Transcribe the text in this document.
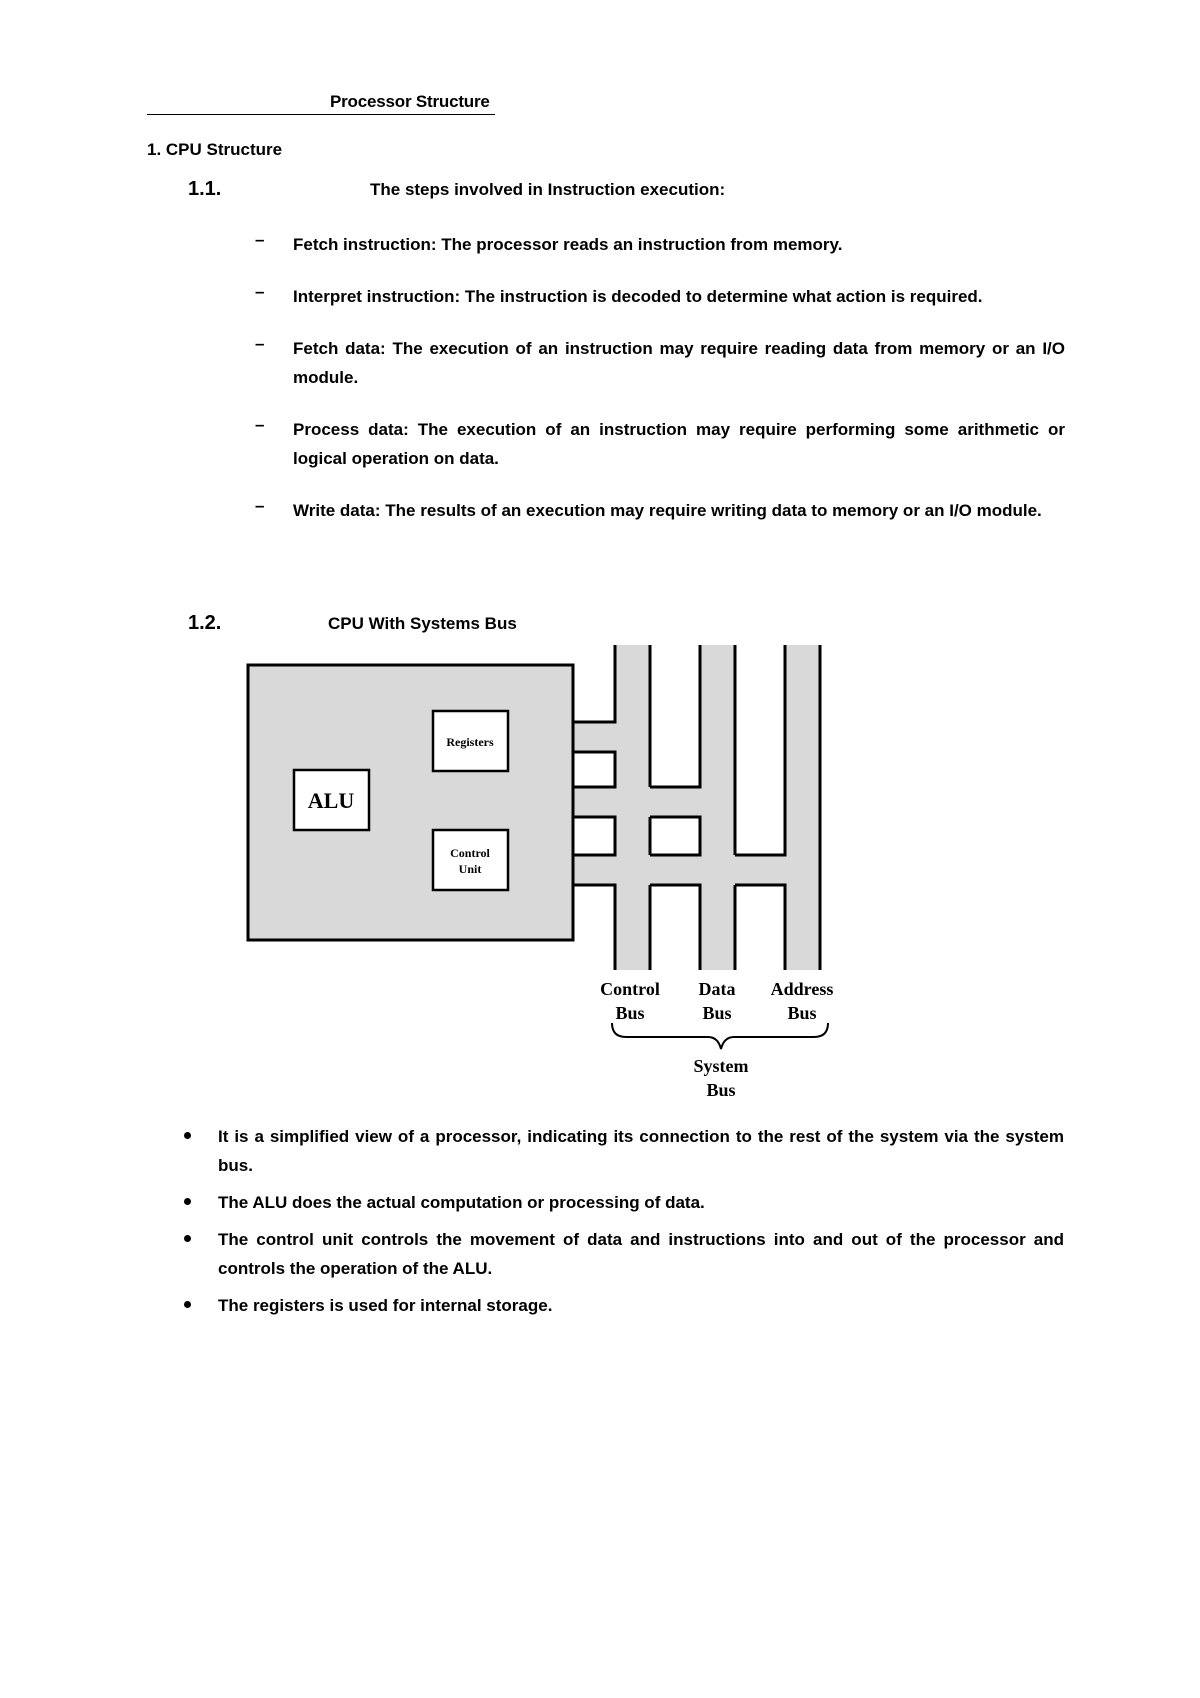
Processor Structure
1. CPU Structure
1.1.	The steps involved in Instruction execution:
– Fetch instruction: The processor reads an instruction from memory.

– Interpret instruction: The instruction is decoded to determine what action is required.

– Fetch data: The execution of an instruction may require reading data from memory or an I/O module.

– Process data: The execution of an instruction may require performing some arithmetic or logical operation on data.

– Write data: The results of an execution may require writing data to memory or an I/O module.

1.2.	CPU With Systems Bus
ALU
Registers
Control
Unit
Control
Bus
Data
Bus
Address
Bus
System
Bus

It is a simplified view of a processor, indicating its connection to the rest of the system via the system bus.

The ALU does the actual computation or processing of data.

The control unit controls the movement of data and instructions into and out of the processor and controls the operation of the ALU.

The registers is used for internal storage.
